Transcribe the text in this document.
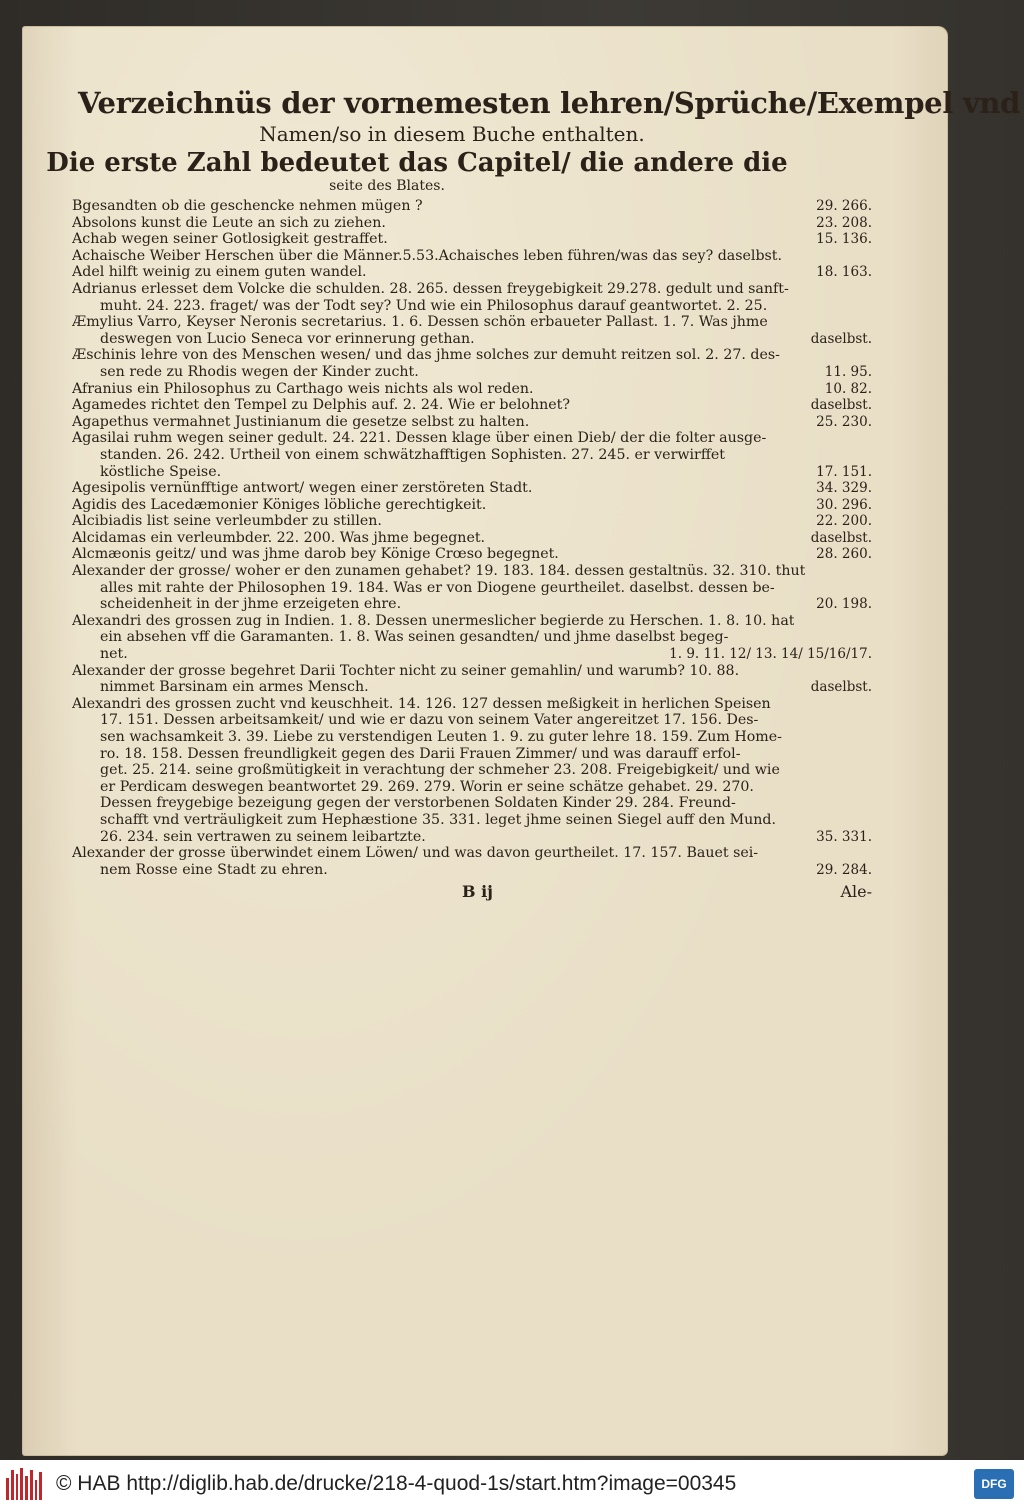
Verzeichnüs der vornemesten lehren/Sprüche/Exempel vnd
Namen/so in diesem Buche enthalten.
Die erste Zahl bedeutet das Capitel/ die andere die
seite des Blates.
Bgesandten ob die geschencke nehmen mügen ?	29. 266.
Absolons kunst die Leute an sich zu ziehen.	23. 208.
Achab wegen seiner Gotlosigkeit gestraffet.	15. 136.
Achaische Weiber Herschen über die Männer.5.53.Achaisches leben führen/was das sey? daselbst.
Adel hilft weinig zu einem guten wandel.	18. 163.
Adrianus erlesset dem Volcke die schulden. 28. 265. dessen freygebigkeit 29.278. gedult und sanft-
muht. 24. 223. fraget/ was der Todt sey? Und wie ein Philosophus darauf geantwortet. 2. 25.
Æmylius Varro, Keyser Neronis secretarius. 1. 6. Dessen schön erbaueter Pallast. 1. 7. Was jhme
deswegen von Lucio Seneca vor erinnerung gethan.	daselbst.
Æschinis lehre von des Menschen wesen/ und das jhme solches zur demuht reitzen sol. 2. 27. des-
sen rede zu Rhodis wegen der Kinder zucht.	11. 95.
Afranius ein Philosophus zu Carthago weis nichts als wol reden.	10. 82.
Agamedes richtet den Tempel zu Delphis auf. 2. 24. Wie er belohnet?	daselbst.
Agapethus vermahnet Justinianum die gesetze selbst zu halten.	25. 230.
Agasilai ruhm wegen seiner gedult. 24. 221. Dessen klage über einen Dieb/ der die folter ausge-
standen. 26. 242. Urtheil von einem schwätzhafftigen Sophisten. 27. 245. er verwirffet
köstliche Speise.	17. 151.
Agesipolis vernünfftige antwort/ wegen einer zerstöreten Stadt.	34. 329.
Agidis des Lacedæmonier Königes löbliche gerechtigkeit.	30. 296.
Alcibiadis list seine verleumbder zu stillen.	22. 200.
Alcidamas ein verleumbder. 22. 200. Was jhme begegnet.	daselbst.
Alcmæonis geitz/ und was jhme darob bey Könige Crœso begegnet.	28. 260.
Alexander der grosse/ woher er den zunamen gehabet? 19. 183. 184. dessen gestaltnüs. 32. 310. thut
alles mit rahte der Philosophen 19. 184. Was er von Diogene geurtheilet. daselbst. dessen be-
scheidenheit in der jhme erzeigeten ehre.	20. 198.
Alexandri des grossen zug in Indien. 1. 8. Dessen unermeslicher begierde zu Herschen. 1. 8. 10. hat
ein absehen vff die Garamanten. 1. 8. Was seinen gesandten/ und jhme daselbst begeg-
net.	1. 9. 11. 12/ 13. 14/ 15/16/17.
Alexander der grosse begehret Darii Tochter nicht zu seiner gemahlin/ und warumb? 10. 88.
nimmet Barsinam ein armes Mensch.	daselbst.
Alexandri des grossen zucht vnd keuschheit. 14. 126. 127 dessen meßigkeit in herlichen Speisen
17. 151. Dessen arbeitsamkeit/ und wie er dazu von seinem Vater angereitzet 17. 156. Des-
sen wachsamkeit 3. 39. Liebe zu verstendigen Leuten 1. 9. zu guter lehre 18. 159. Zum Home-
ro. 18. 158. Dessen freundligkeit gegen des Darii Frauen Zimmer/ und was darauff erfol-
get. 25. 214. seine großmütigkeit in verachtung der schmeher 23. 208. Freigebigkeit/ und wie
er Perdicam deswegen beantwortet 29. 269. 279. Worin er seine schätze gehabet. 29. 270.
Dessen freygebige bezeigung gegen der verstorbenen Soldaten Kinder 29. 284. Freund-
schafft vnd verträuligkeit zum Hephæstione 35. 331. leget jhme seinen Siegel auff den Mund.
26. 234. sein vertrawen zu seinem leibartzte.	35. 331.
Alexander der grosse überwindet einem Löwen/ und was davon geurtheilet. 17. 157. Bauet sei-
nem Rosse eine Stadt zu ehren.	29. 284.
B ij	Ale-
© HAB http://diglib.hab.de/drucke/218-4-quod-1s/start.htm?image=00345	DFG
